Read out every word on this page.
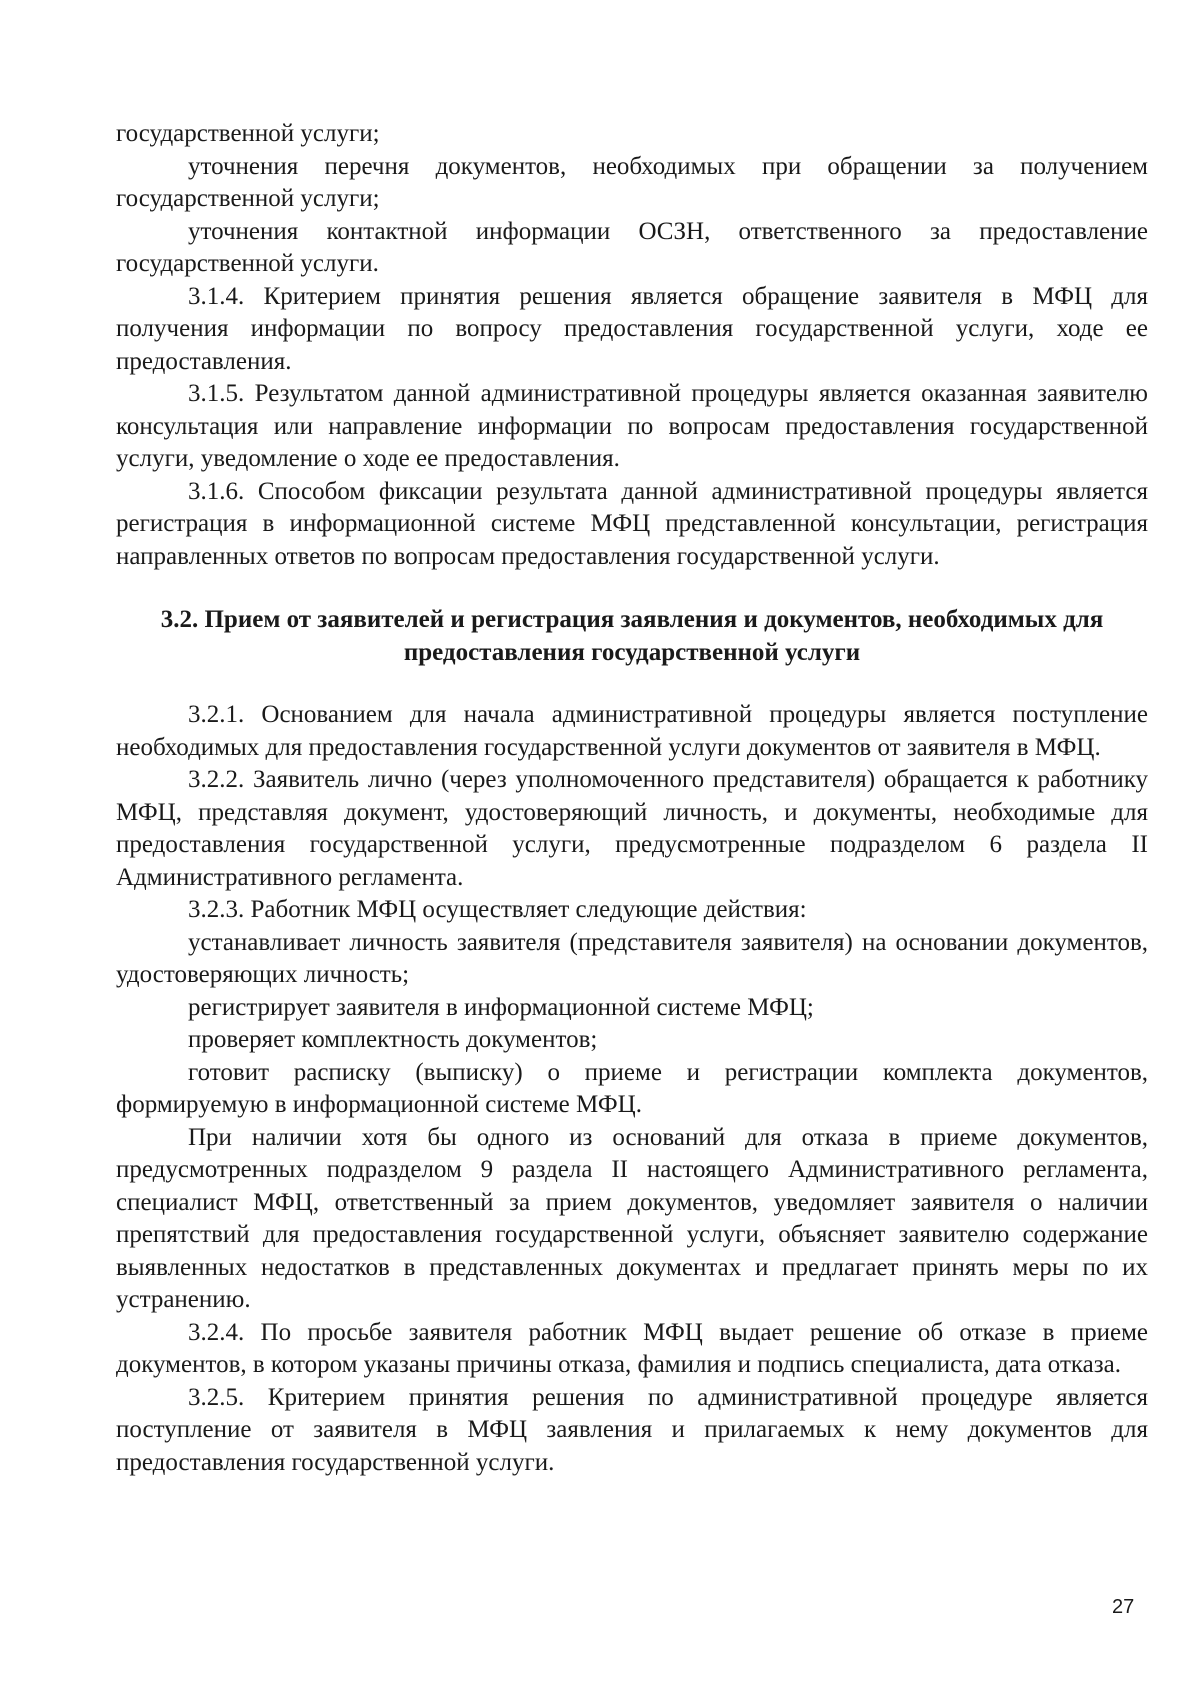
государственной услуги;

уточнения перечня документов, необходимых при обращении за получением государственной услуги;

уточнения контактной информации ОСЗН, ответственного за предоставление государственной услуги.

3.1.4. Критерием принятия решения является обращение заявителя в МФЦ для получения информации по вопросу предоставления государственной услуги, ходе ее предоставления.

3.1.5. Результатом данной административной процедуры является оказанная заявителю консультация или направление информации по вопросам предоставления государственной услуги, уведомление о ходе ее предоставления.

3.1.6. Способом фиксации результата данной административной процедуры является регистрация в информационной системе МФЦ представленной консультации, регистрация направленных ответов по вопросам предоставления государственной услуги.

3.2. Прием от заявителей и регистрация заявления и документов, необходимых для предоставления государственной услуги

3.2.1. Основанием для начала административной процедуры является поступление необходимых для предоставления государственной услуги документов от заявителя в МФЦ.

3.2.2. Заявитель лично (через уполномоченного представителя) обращается к работнику МФЦ, представляя документ, удостоверяющий личность, и документы, необходимые для предоставления государственной услуги, предусмотренные подразделом 6 раздела II Административного регламента.

3.2.3. Работник МФЦ осуществляет следующие действия:

устанавливает личность заявителя (представителя заявителя) на основании документов, удостоверяющих личность;

регистрирует заявителя в информационной системе МФЦ;

проверяет комплектность документов;

готовит расписку (выписку) о приеме и регистрации комплекта документов, формируемую в информационной системе МФЦ.

При наличии хотя бы одного из оснований для отказа в приеме документов, предусмотренных подразделом 9 раздела II настоящего Административного регламента, специалист МФЦ, ответственный за прием документов, уведомляет заявителя о наличии препятствий для предоставления государственной услуги, объясняет заявителю содержание выявленных недостатков в представленных документах и предлагает принять меры по их устранению.

3.2.4. По просьбе заявителя работник МФЦ выдает решение об отказе в приеме документов, в котором указаны причины отказа, фамилия и подпись специалиста, дата отказа.

3.2.5. Критерием принятия решения по административной процедуре является поступление от заявителя в МФЦ заявления и прилагаемых к нему документов для предоставления государственной услуги.

27
